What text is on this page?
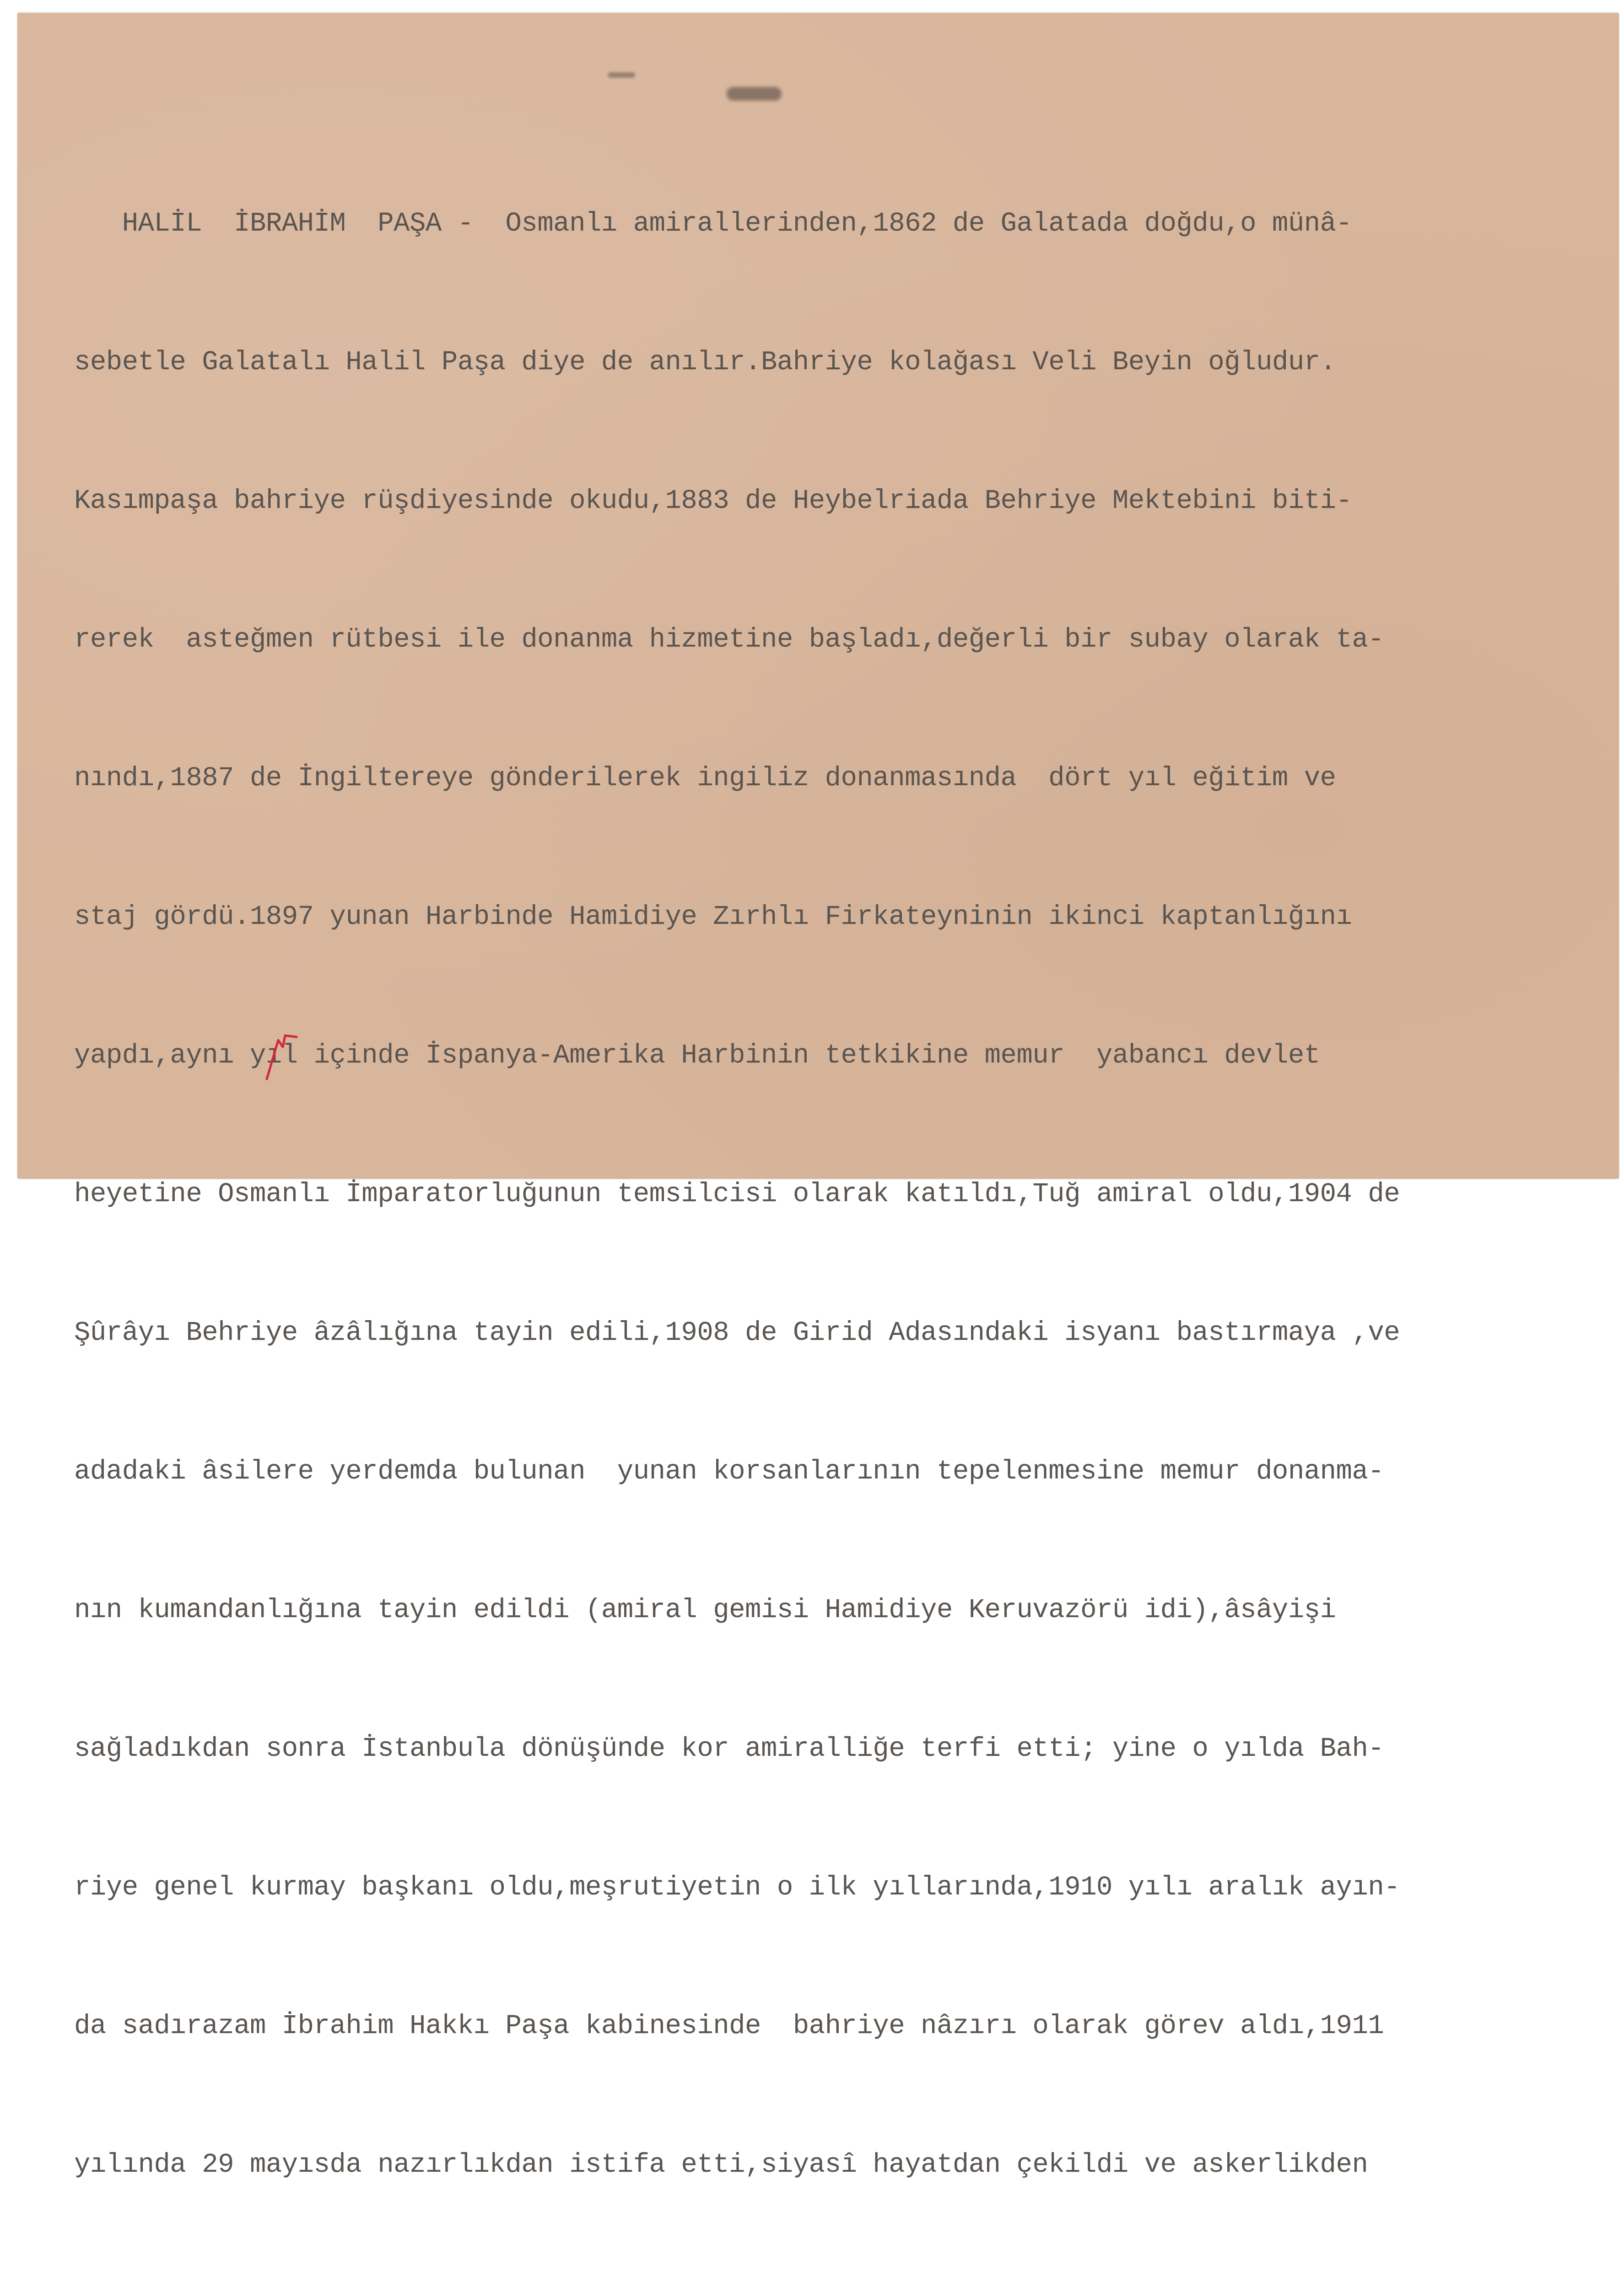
HALİL  İBRAHİM  PAŞA -  Osmanlı amirallerinden,1862 de Galatada doğdu,o münâ-

sebetle Galatalı Halil Paşa diye de anılır.Bahriye kolağası Veli Beyin oğludur.

Kasımpaşa bahriye rüşdiyesinde okudu,1883 de Heybelriada Behriye Mektebini biti-

rerek  asteğmen rütbesi ile donanma hizmetine başladı,değerli bir subay olarak ta-

nındı,1887 de İngiltereye gönderilerek ingiliz donanmasında  dört yıl eğitim ve

staj gördü.1897 yunan Harbinde Hamidiye Zırhlı Firkateyninin ikinci kaptanlığını

yapdı,aynı yıl içinde İspanya-Amerika Harbinin tetkikine memur  yabancı devlet

heyetine Osmanlı İmparatorluğunun temsilcisi olarak katıldı,Tuğ amiral oldu,1904 de

Şûrâyı Behriye âzâlığına tayin edili,1908 de Girid Adasındaki isyanı bastırmaya ,ve

adadaki âsilere yerdemda bulunan  yunan korsanlarının tepelenmesine memur donanma-

nın kumandanlığına tayin edildi (amiral gemisi Hamidiye Keruvazörü idi),âsâyişi

sağladıkdan sonra İstanbula dönüşünde kor amiralliğe terfi etti; yine o yılda Bah-

riye genel kurmay başkanı oldu,meşrutiyetin o ilk yıllarında,1910 yılı aralık ayın-

da sadırazam İbrahim Hakkı Paşa kabinesinde  bahriye nâzırı olarak görev aldı,1911

yılında 29 mayısda nazırlıkdan istifa etti,siyasî hayatdan çekildi ve askerlikden
